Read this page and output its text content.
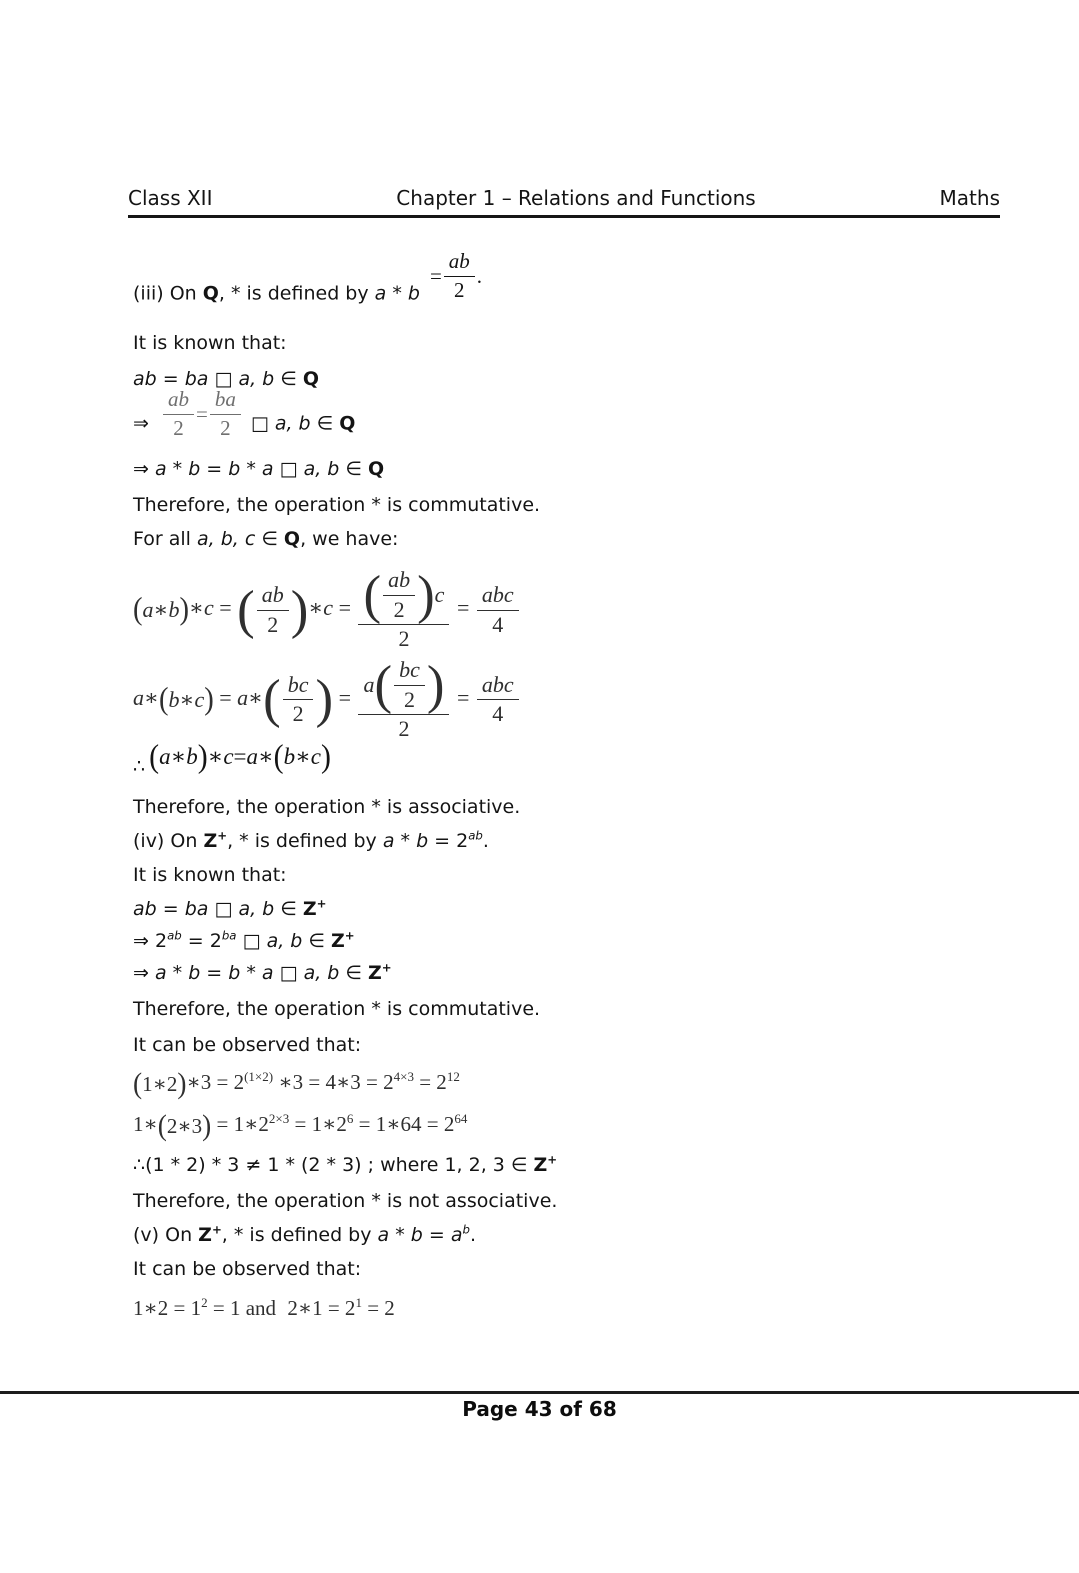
Class XII	Chapter 1 – Relations and Functions	Maths
(iii) On Q, * is defined by a * b
= $\frac{ab}{2}$ .
It is known that:
ab = ba □ a, b ∈ Q
⇒ $\frac{ab}{2} = \frac{ba}{2}$ □ a, b ∈ Q
⇒ a * b = b * a □ a, b ∈ Q
Therefore, the operation * is commutative.
For all a, b, c ∈ Q, we have:
( a∗b ) ∗c = ( $\frac{ab}{2}$ ) ∗c = $\frac{( \frac{ab}{2} ) c}{2} = \frac{\text{abc}}{4}$
a∗ ( b∗c ) = a∗ ( $\frac{bc}{2}$ ) = $\frac{a ( \frac{bc}{2} )}{2} = \frac{\text{abc}}{4}$
∴ ( a∗b ) ∗ c = a ∗ ( b∗c )
Therefore, the operation * is associative.
(iv) On Z+, * is defined by $a * b = 2^{ab}$.
It is known that:
ab = ba □ a, b ∈ Z+
⇒ $2^{ab} = 2^{ba}$ □ a, b ∈ Z+
⇒ a * b = b * a □ a, b ∈ Z+
Therefore, the operation * is commutative.
It can be observed that:
( 1∗2 ) ∗3 = $2^{(1\times 2)}$ ∗3 = 4∗3 = $2^{4\times 3} = 2^{12}$
1∗ ( 2∗3 ) = $1∗2^{2\times 3}$ = $1∗2^6$ = 1∗64 = $2^{64}$
∴(1 * 2) * 3 ≠ 1 * (2 * 3) ; where 1, 2, 3 ∈ Z+
Therefore, the operation * is not associative.
(v) On Z+, * is defined by $a * b = a^b$.
It can be observed that:
1∗2 = $1^2 = 1$ and 2∗1 = $2^1 = 2$
Page 43 of 68
